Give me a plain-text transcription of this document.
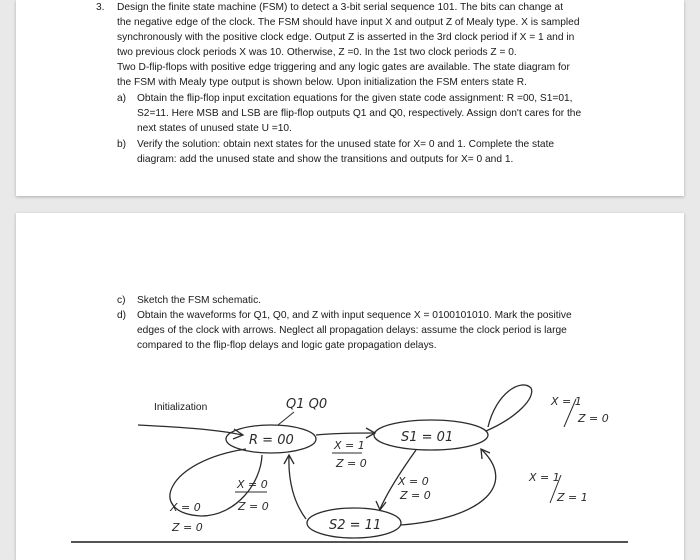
3. Design the finite state machine (FSM) to detect a 3-bit serial sequence 101. The bits can change at
the negative edge of the clock. The FSM should have input X and output Z of Mealy type. X is sampled
synchronously with the positive clock edge. Output Z is asserted in the 3rd clock period if X = 1 and in
two previous clock periods X was 10. Otherwise, Z =0. In the 1st two clock periods Z = 0.
Two D-flip-flops with positive edge triggering and any logic gates are available. The state diagram for
the FSM with Mealy type output is shown below. Upon initialization the FSM enters state R.
a) Obtain the flip-flop input excitation equations for the given state code assignment: R =00, S1=01,
S2=11. Here MSB and LSB are flip-flop outputs Q1 and Q0, respectively. Assign don't cares for the
next states of unused state U =10.
b) Verify the solution: obtain next states for the unused state for X= 0 and 1. Complete the state
diagram: add the unused state and show the transitions and outputs for X= 0 and 1.
c) Sketch the FSM schematic.
d) Obtain the waveforms for Q1, Q0, and Z with input sequence X = 0100101010. Mark the positive
edges of the clock with arrows. Neglect all propagation delays: assume the clock period is large
compared to the flip-flop delays and logic gate propagation delays.
Initialization
R = 00	S1 = 01
S2 = 11
Q1 Q0
X = 0
Z = 0
X = 1
Z = 0
X = 1
Z = 0
X = 0
Z = 0
X = 0
Z = 0
X = 1
Z = 1
